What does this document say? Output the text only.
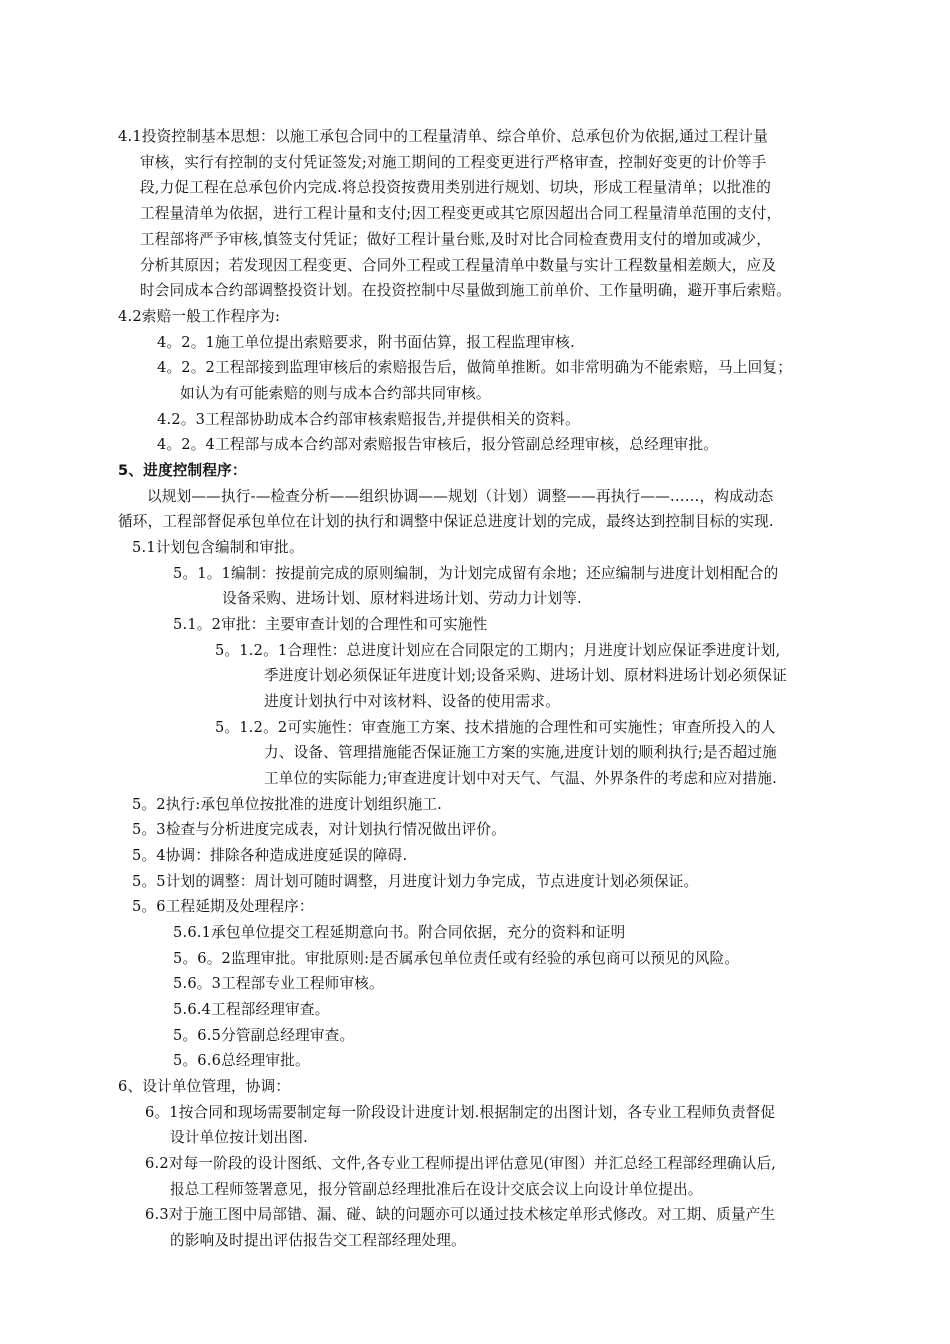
4.1投资控制基本思想：以施工承包合同中的工程量清单、综合单价、总承包价为依据,通过工程计量
审核，实行有控制的支付凭证签发;对施工期间的工程变更进行严格审查，控制好变更的计价等手
段,力促工程在总承包价内完成.将总投资按费用类别进行规划、切块，形成工程量清单；以批准的
工程量清单为依据，进行工程计量和支付;因工程变更或其它原因超出合同工程量清单范围的支付，
工程部将严予审核,慎签支付凭证；做好工程计量台账,及时对比合同检查费用支付的增加或减少，
分析其原因；若发现因工程变更、合同外工程或工程量清单中数量与实计工程数量相差颇大，应及
时会同成本合约部调整投资计划。在投资控制中尽量做到施工前单价、工作量明确，避开事后索赔。
4.2索赔一般工作程序为:
4。2。1施工单位提出索赔要求，附书面估算，报工程监理审核.
4。2。2工程部接到监理审核后的索赔报告后，做简单推断。如非常明确为不能索赔，马上回复；
如认为有可能索赔的则与成本合约部共同审核。
4.2。3工程部协助成本合约部审核索赔报告,并提供相关的资料。
4。2。4工程部与成本合约部对索赔报告审核后，报分管副总经理审核，总经理审批。
5、进度控制程序：
以规划——执行-—检查分析——组织协调——规划（计划）调整——再执行——……，构成动态
循环，工程部督促承包单位在计划的执行和调整中保证总进度计划的完成，最终达到控制目标的实现.
5.1计划包含编制和审批。
5。1。1编制：按提前完成的原则编制，为计划完成留有余地；还应编制与进度计划相配合的
设备采购、进场计划、原材料进场计划、劳动力计划等.
5.1。2审批：主要审查计划的合理性和可实施性
5。1.2。1合理性：总进度计划应在合同限定的工期内；月进度计划应保证季进度计划,
季进度计划必须保证年进度计划;设备采购、进场计划、原材料进场计划必须保证
进度计划执行中对该材料、设备的使用需求。
5。1.2。2可实施性：审查施工方案、技术措施的合理性和可实施性；审查所投入的人
力、设备、管理措施能否保证施工方案的实施,进度计划的顺利执行;是否超过施
工单位的实际能力;审查进度计划中对天气、气温、外界条件的考虑和应对措施.
5。2执行:承包单位按批准的进度计划组织施工.
5。3检查与分析进度完成表，对计划执行情况做出评价。
5。4协调：排除各种造成进度延误的障碍.
5。5计划的调整：周计划可随时调整，月进度计划力争完成，节点进度计划必须保证。
5。6工程延期及处理程序：
5.6.1承包单位提交工程延期意向书。附合同依据，充分的资料和证明
5。6。2监理审批。审批原则:是否属承包单位责任或有经验的承包商可以预见的风险。
5.6。3工程部专业工程师审核。
5.6.4工程部经理审查。
5。6.5分管副总经理审查。
5。6.6总经理审批。
6、设计单位管理，协调：
6。1按合同和现场需要制定每一阶段设计进度计划.根据制定的出图计划，各专业工程师负责督促
设计单位按计划出图.
6.2对每一阶段的设计图纸、文件,各专业工程师提出评估意见(审图）并汇总经工程部经理确认后,
报总工程师签署意见，报分管副总经理批准后在设计交底会议上向设计单位提出。
6.3对于施工图中局部错、漏、碰、缺的问题亦可以通过技术核定单形式修改。对工期、质量产生
的影响及时提出评估报告交工程部经理处理。
